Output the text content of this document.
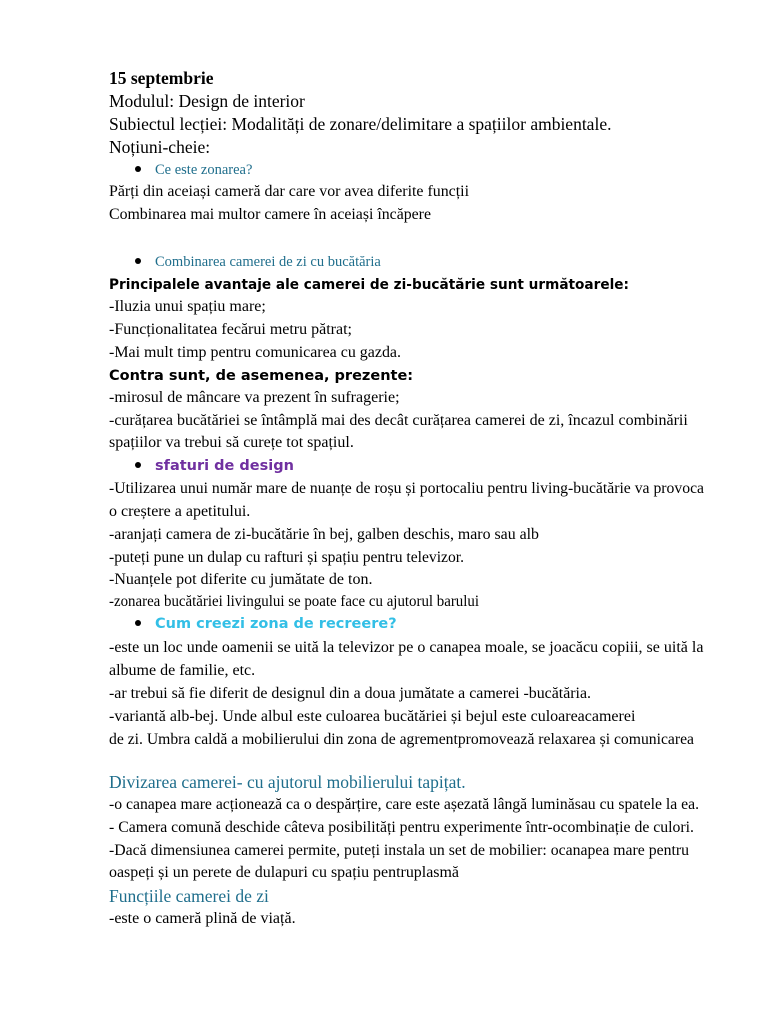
15 septembrie
Modulul: Design de interior
Subiectul lecției: Modalități de zonare/delimitare a spațiilor ambientale.
Noțiuni-cheie:
Ce este zonarea?
Părți din aceiași cameră dar care vor avea diferite funcții
Combinarea mai multor camere în aceiași încăpere
Combinarea camerei de zi cu bucătăria
Principalele avantaje ale camerei de zi-bucătărie sunt următoarele:
-Iluzia unui spațiu mare;
-Funcționalitatea fecărui metru pătrat;
-Mai mult timp pentru comunicarea cu gazda.
Contra sunt, de asemenea, prezente:
-mirosul de mâncare va prezent în sufragerie;
-curățarea bucătăriei se întâmplă mai des decât curățarea camerei de zi, încazul combinării
spațiilor va trebui să curețe tot spațiul.
sfaturi de design
-Utilizarea unui număr mare de nuanțe de roșu și portocaliu pentru living-bucătărie va provoca
o creștere a apetitului.
-aranjați camera de zi-bucătărie în bej, galben deschis, maro sau alb
-puteți pune un dulap cu rafturi și spațiu pentru televizor.
-Nuanțele pot diferite cu jumătate de ton.
-zonarea bucătăriei livingului se poate face cu ajutorul barului
Cum creezi zona de recreere?
-este un loc unde oamenii se uită la televizor pe o canapea moale, se joacăcu copiii, se uită la
albume de familie, etc.
-ar trebui să fie diferit de designul din a doua jumătate a camerei -bucătăria.
-variantă alb-bej. Unde albul este culoarea bucătăriei și bejul este culoareacamerei
de zi. Umbra caldă a mobilierului din zona de agrementpromovează relaxarea și comunicarea
Divizarea camerei- cu ajutorul mobilierului tapițat.
-o canapea mare acționează ca o despărțire, care este așezată lângă luminăsau cu spatele la ea.
- Camera comună deschide câteva posibilități pentru experimente într-ocombinație de culori.
-Dacă dimensiunea camerei permite, puteți instala un set de mobilier: ocanapea mare pentru
oaspeți și un perete de dulapuri cu spațiu pentruplasmă
Funcțiile camerei de zi
-este o cameră plină de viață.
